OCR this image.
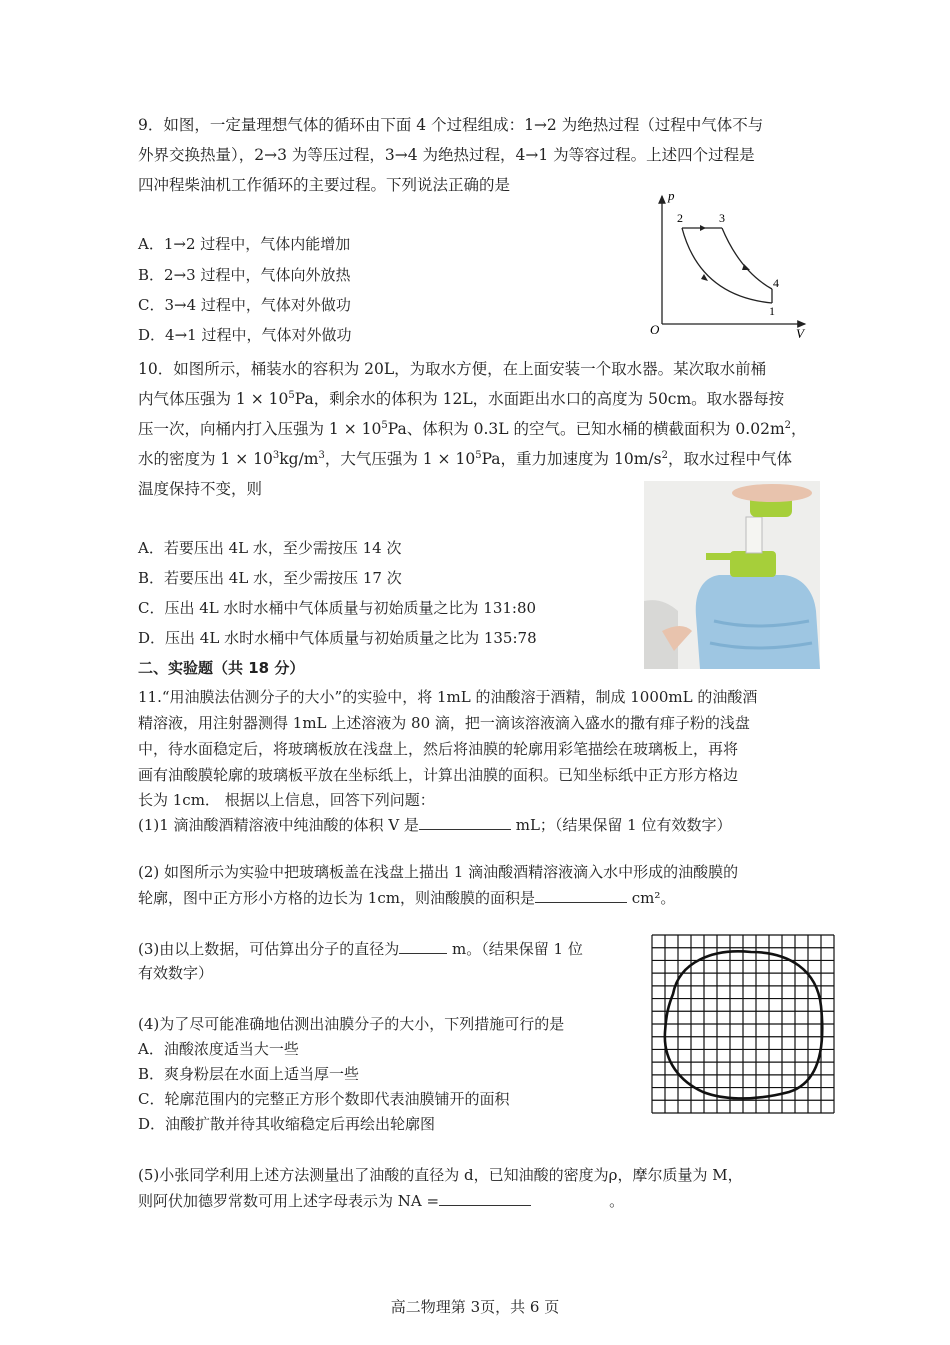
9．如图，一定量理想气体的循环由下面 4 个过程组成：1→2 为绝热过程（过程中气体不与
外界交换热量），2→3 为等压过程，3→4 为绝热过程，4→1 为等容过程。上述四个过程是
四冲程柴油机工作循环的主要过程。下列说法正确的是
A．1→2 过程中，气体内能增加
B．2→3 过程中，气体向外放热
C．3→4 过程中，气体对外做功
D．4→1 过程中，气体对外做功
p
V
O
2	3
4
1
10．如图所示，桶装水的容积为 20L，为取水方便，在上面安装一个取水器。某次取水前桶
内气体压强为 $1 \times 10^5Pa$，剩余水的体积为 12L，水面距出水口的高度为 50cm。取水器每按
压一次，向桶内打入压强为 $1 \times 10^5Pa$、体积为 0.3L 的空气。已知水桶的横截面积为 $0.02m^2$，
水的密度为 $1 \times 10^3kg/m^3$，大气压强为 $1 \times 10^5Pa$，重力加速度为 $10m/s^2$，取水过程中气体
温度保持不变，则
A．若要压出 4L 水，至少需按压 14 次
B．若要压出 4L 水，至少需按压 17 次
C．压出 4L 水时水桶中气体质量与初始质量之比为 131:80
D．压出 4L 水时水桶中气体质量与初始质量之比为 135:78
二、实验题（共 18 分）
11.“用油膜法估测分子的大小”的实验中，将 1mL 的油酸溶于酒精，制成 1000mL 的油酸酒
精溶液，用注射器测得 1mL 上述溶液为 80 滴，把一滴该溶液滴入盛水的撒有痱子粉的浅盘
中，待水面稳定后，将玻璃板放在浅盘上，然后将油膜的轮廓用彩笔描绘在玻璃板上，再将
画有油酸膜轮廓的玻璃板平放在坐标纸上，计算出油膜的面积。已知坐标纸中正方形方格边
长为 1cm． 根据以上信息，回答下列问题：
(1)1 滴油酸酒精溶液中纯油酸的体积 V 是	mL；（结果保留 1 位有效数字）
(2) 如图所示为实验中把玻璃板盖在浅盘上描出 1 滴油酸酒精溶液滴入水中形成的油酸膜的
轮廓，图中正方形小方格的边长为 1cm，则油酸膜的面积是	cm²。
(3)由以上数据，可估算出分子的直径为	m。（结果保留 1 位
有效数字）
(4)为了尽可能准确地估测出油膜分子的大小，下列措施可行的是
A．油酸浓度适当大一些
B．爽身粉层在水面上适当厚一些
C．轮廓范围内的完整正方形个数即代表油膜铺开的面积
D．油酸扩散并待其收缩稳定后再绘出轮廓图
(5)小张同学利用上述方法测量出了油酸的直径为 d，已知油酸的密度为ρ，摩尔质量为 M，
则阿伏加德罗常数可用上述字母表示为 NA =	。
高二物理第 3页，共 6 页
